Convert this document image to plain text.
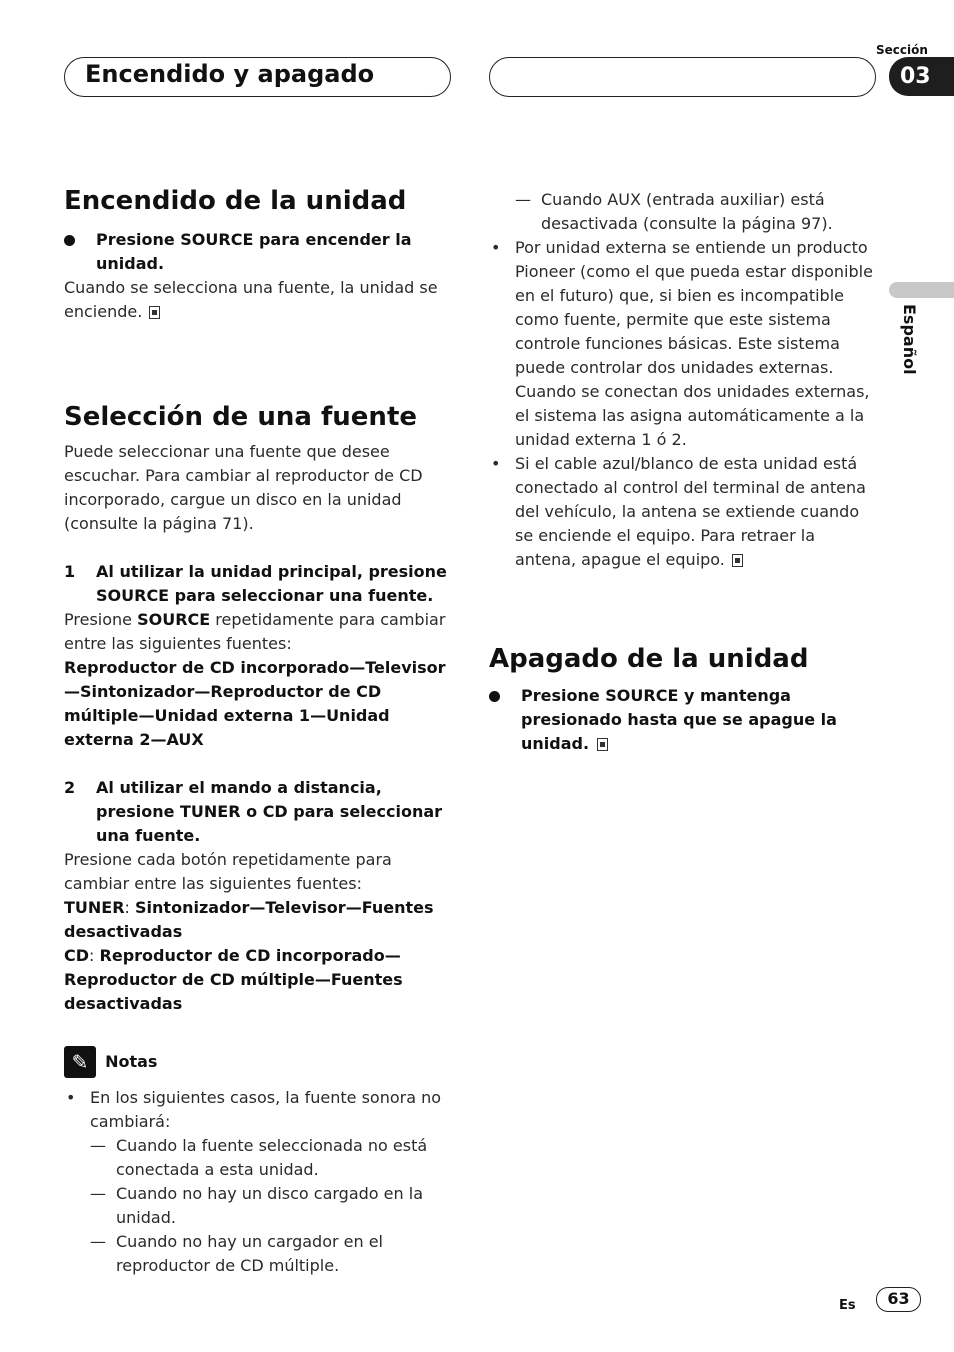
Sección
Encendido y apagado	03
Español
Encendido de la unidad
Presione SOURCE para encender la unidad.

Cuando se selecciona una fuente, la unidad se enciende.

Selección de una fuente

Puede seleccionar una fuente que desee escuchar. Para cambiar al reproductor de CD incorporado, cargue un disco en la unidad (consulte la página 71).

1 Al utilizar la unidad principal, presione SOURCE para seleccionar una fuente.

Presione SOURCE repetidamente para cambiar entre las siguientes fuentes:

Reproductor de CD incorporado—Televisor—Sintonizador—Reproductor de CD múltiple—Unidad externa 1—Unidad externa 2—AUX

2 Al utilizar el mando a distancia, presione TUNER o CD para seleccionar una fuente.

Presione cada botón repetidamente para cambiar entre las siguientes fuentes:

TUNER: Sintonizador—Televisor—Fuentes desactivadas

CD: Reproductor de CD incorporado—Reproductor de CD múltiple—Fuentes desactivadas

✎ Notas
• En los siguientes casos, la fuente sonora no cambiará:
— Cuando la fuente seleccionada no está conectada a esta unidad.
— Cuando no hay un disco cargado en la unidad.
— Cuando no hay un cargador en el reproductor de CD múltiple.
— Cuando AUX (entrada auxiliar) está desactivada (consulte la página 97).
• Por unidad externa se entiende un producto Pioneer (como el que pueda estar disponible en el futuro) que, si bien es incompatible como fuente, permite que este sistema controle funciones básicas. Este sistema puede controlar dos unidades externas. Cuando se conectan dos unidades externas, el sistema las asigna automáticamente a la unidad externa 1 ó 2.
• Si el cable azul/blanco de esta unidad está conectado al control del terminal de antena del vehículo, la antena se extiende cuando se enciende el equipo. Para retraer la antena, apague el equipo.
Apagado de la unidad
Presione SOURCE y mantenga presionado hasta que se apague la unidad.
Es	63
